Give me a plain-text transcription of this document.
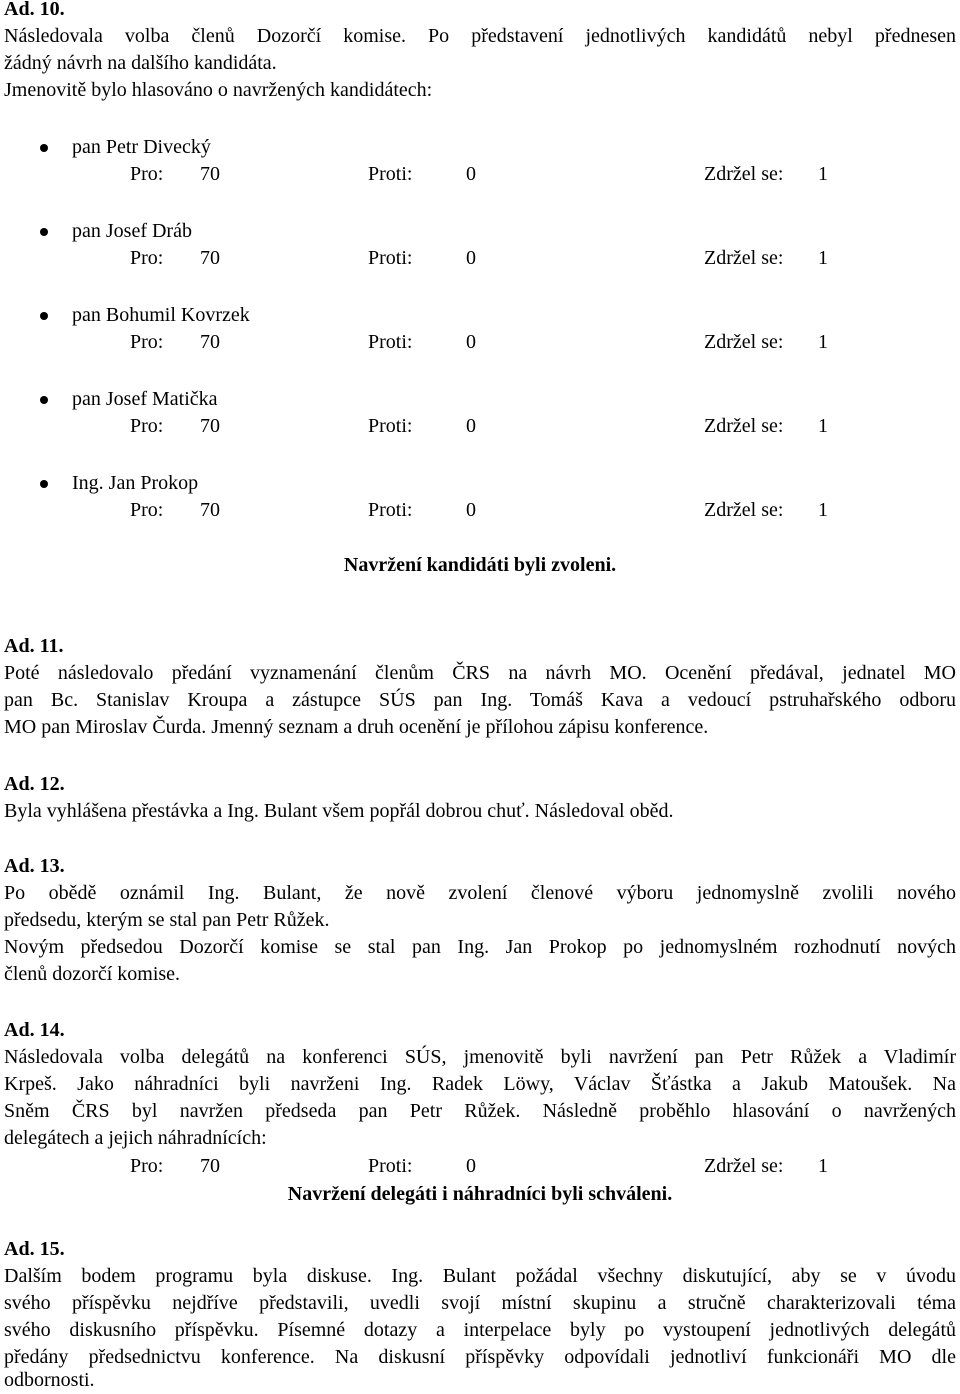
Ad. 10.
Následovala volba členů Dozorčí komise. Po představení jednotlivých kandidátů nebyl přednesen
žádný návrh na dalšího kandidáta.
Jmenovitě bylo hlasováno o navržených kandidátech:
pan Petr Divecký
Pro: 70	Proti:	0	Zdržel se: 1
pan Josef Dráb
Pro: 70	Proti:	0	Zdržel se: 1
pan Bohumil Kovrzek
Pro: 70	Proti:	0	Zdržel se: 1
pan Josef Matička
Pro: 70	Proti:	0	Zdržel se: 1
Ing. Jan Prokop
Pro: 70	Proti:	0	Zdržel se: 1
Navržení kandidáti byli zvoleni.
Ad. 11.
Poté následovalo předání vyznamenání členům ČRS na návrh MO. Ocenění předával, jednatel MO
pan Bc. Stanislav Kroupa a zástupce SÚS pan Ing. Tomáš Kava a vedoucí pstruhařského odboru
MO pan Miroslav Čurda. Jmenný seznam a druh ocenění je přílohou zápisu konference.
Ad. 12.
Byla vyhlášena přestávka a Ing. Bulant všem popřál dobrou chuť. Následoval oběd.
Ad. 13.
Po obědě oznámil Ing. Bulant, že nově zvolení členové výboru jednomyslně zvolili nového
předsedu, kterým se stal pan Petr Růžek.
Novým předsedou Dozorčí komise se stal pan Ing. Jan Prokop po jednomyslném rozhodnutí nových
členů dozorčí komise.
Ad. 14.
Následovala volba delegátů na konferenci SÚS, jmenovitě byli navržení pan Petr Růžek a Vladimír
Krpeš. Jako náhradníci byli navrženi Ing. Radek Löwy, Václav Šťástka a Jakub Matoušek. Na
Sněm ČRS byl navržen předseda pan Petr Růžek. Následně proběhlo hlasování o navržených
delegátech a jejich náhradnících:
Pro: 70	Proti:	0	Zdržel se: 1
Navržení delegáti i náhradníci byli schváleni.
Ad. 15.
Dalším bodem programu byla diskuse. Ing. Bulant požádal všechny diskutující, aby se v úvodu
svého příspěvku nejdříve představili, uvedli svojí místní skupinu a stručně charakterizovali téma
svého diskusního příspěvku. Písemné dotazy a interpelace byly po vystoupení jednotlivých delegátů
předány předsednictvu konference. Na diskusní příspěvky odpovídali jednotliví funkcionáři MO dle
odbornosti.
